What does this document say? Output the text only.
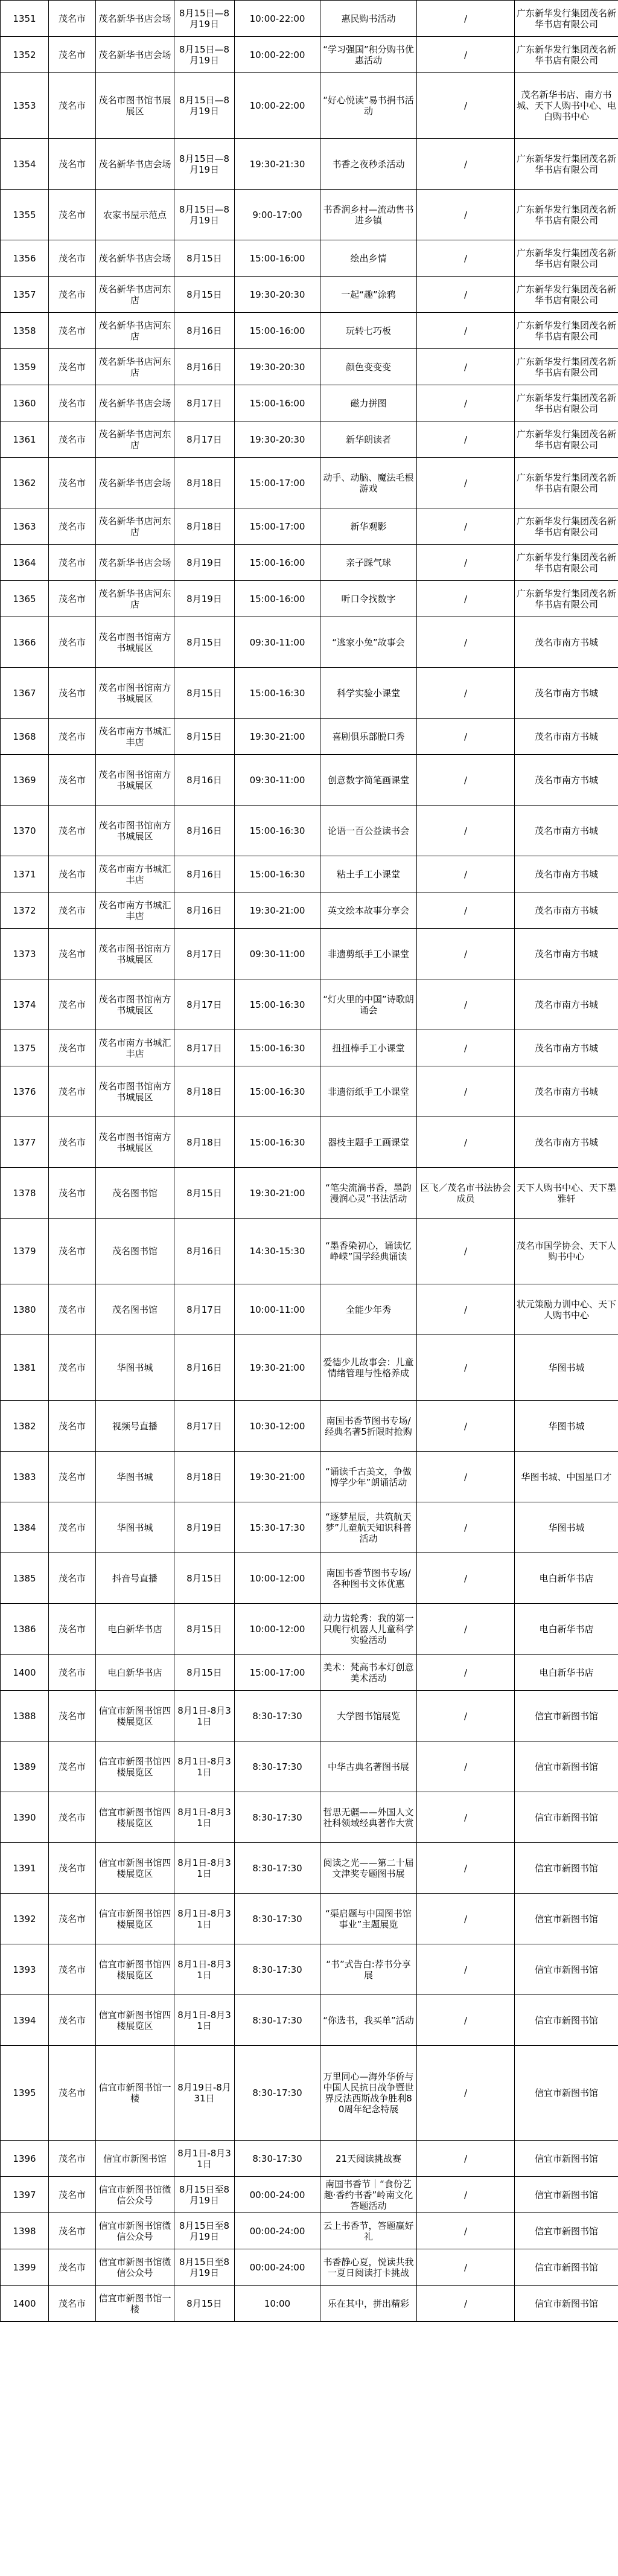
1351	茂名市	茂名新华书店会场	8月15日—8月19日	10:00-22:00	惠民购书活动	/	广东新华发行集团茂名新华书店有限公司
1352	茂名市	茂名新华书店会场	8月15日—8月19日	10:00-22:00	“学习强国”积分购书优惠活动	/	广东新华发行集团茂名新华书店有限公司
1353	茂名市	茂名市图书馆书展展区	8月15日—8月19日	10:00-22:00	“好心悦读”易书捐书活动	/	茂名新华书店、南方书城、天下人购书中心、电白购书中心
1354	茂名市	茂名新华书店会场	8月15日—8月19日	19:30-21:30	书香之夜秒杀活动	/	广东新华发行集团茂名新华书店有限公司
1355	茂名市	农家书屋示范点	8月15日—8月19日	9:00-17:00	书香润乡村—流动售书进乡镇	/	广东新华发行集团茂名新华书店有限公司
1356	茂名市	茂名新华书店会场	8月15日	15:00-16:00	绘出乡情	/	广东新华发行集团茂名新华书店有限公司
1357	茂名市	茂名新华书店河东店	8月15日	19:30-20:30	一起“趣”涂鸦	/	广东新华发行集团茂名新华书店有限公司
1358	茂名市	茂名新华书店河东店	8月16日	15:00-16:00	玩转七巧板	/	广东新华发行集团茂名新华书店有限公司
1359	茂名市	茂名新华书店河东店	8月16日	19:30-20:30	颜色变变变	/	广东新华发行集团茂名新华书店有限公司
1360	茂名市	茂名新华书店会场	8月17日	15:00-16:00	磁力拼图	/	广东新华发行集团茂名新华书店有限公司
1361	茂名市	茂名新华书店河东店	8月17日	19:30-20:30	新华朗读者	/	广东新华发行集团茂名新华书店有限公司
1362	茂名市	茂名新华书店会场	8月18日	15:00-17:00	动手、动脑、魔法毛根游戏	/	广东新华发行集团茂名新华书店有限公司
1363	茂名市	茂名新华书店河东店	8月18日	15:00-17:00	新华观影	/	广东新华发行集团茂名新华书店有限公司
1364	茂名市	茂名新华书店会场	8月19日	15:00-16:00	亲子踩气球	/	广东新华发行集团茂名新华书店有限公司
1365	茂名市	茂名新华书店河东店	8月19日	15:00-16:00	听口令找数字	/	广东新华发行集团茂名新华书店有限公司
1366	茂名市	茂名市图书馆南方书城展区	8月15日	09:30-11:00	“逃家小兔”故事会	/	茂名市南方书城
1367	茂名市	茂名市图书馆南方书城展区	8月15日	15:00-16:30	科学实验小课堂	/	茂名市南方书城
1368	茂名市	茂名市南方书城汇丰店	8月15日	19:30-21:00	喜剧俱乐部脱口秀	/	茂名市南方书城
1369	茂名市	茂名市图书馆南方书城展区	8月16日	09:30-11:00	创意数字简笔画课堂	/	茂名市南方书城
1370	茂名市	茂名市图书馆南方书城展区	8月16日	15:00-16:30	论语一百公益读书会	/	茂名市南方书城
1371	茂名市	茂名市南方书城汇丰店	8月16日	15:00-16:30	粘土手工小课堂	/	茂名市南方书城
1372	茂名市	茂名市南方书城汇丰店	8月16日	19:30-21:00	英文绘本故事分享会	/	茂名市南方书城
1373	茂名市	茂名市图书馆南方书城展区	8月17日	09:30-11:00	非遗剪纸手工小课堂	/	茂名市南方书城
1374	茂名市	茂名市图书馆南方书城展区	8月17日	15:00-16:30	“灯火里的中国”诗歌朗诵会	/	茂名市南方书城
1375	茂名市	茂名市南方书城汇丰店	8月17日	15:00-16:30	扭扭棒手工小课堂	/	茂名市南方书城
1376	茂名市	茂名市图书馆南方书城展区	8月18日	15:00-16:30	非遗衍纸手工小课堂	/	茂名市南方书城
1377	茂名市	茂名市图书馆南方书城展区	8月18日	15:00-16:30	器枝主题手工画课堂	/	茂名市南方书城
1378	茂名市	茂名图书馆	8月15日	19:30-21:00	“笔尖流淌书香，墨韵漫润心灵”书法活动	区飞／茂名市书法协会成员	天下人购书中心、天下墨雅轩
1379	茂名市	茂名图书馆	8月16日	14:30-15:30	“墨香染初心，诵读忆峥嵘”国学经典诵读	/	茂名市国学协会、天下人购书中心
1380	茂名市	茂名图书馆	8月17日	10:00-11:00	全能少年秀	/	状元策励力训中心、天下人购书中心
1381	茂名市	华图书城	8月16日	19:30-21:00	爱德少儿故事会：儿童情绪管理与性格养成	/	华图书城
1382	茂名市	视频号直播	8月17日	10:30-12:00	南国书香节图书专场/经典名著5折限时抢购	/	华图书城
1383	茂名市	华图书城	8月18日	19:30-21:00	“诵读千古美文，争做博学少年”朗诵活动	/	华图书城、中国星口才
1384	茂名市	华图书城	8月19日	15:30-17:30	“逐梦星辰，共筑航天梦”儿童航天知识科普活动	/	华图书城
1385	茂名市	抖音号直播	8月15日	10:00-12:00	南国书香节图书专场/各种图书文体优惠	/	电白新华书店
1386	茂名市	电白新华书店	8月15日	10:00-12:00	动力齿轮秀：我的第一只爬行机器人儿童科学实验活动	/	电白新华书店
1400	茂名市	电白新华书店	8月15日	15:00-17:00	美术：梵高书本灯创意美术活动	/	电白新华书店
1388	茂名市	信宜市新图书馆四楼展览区	8月1日-8月31日	8:30-17:30	大学图书馆展览	/	信宜市新图书馆
1389	茂名市	信宜市新图书馆四楼展览区	8月1日-8月31日	8:30-17:30	中华古典名著图书展	/	信宜市新图书馆
1390	茂名市	信宜市新图书馆四楼展览区	8月1日-8月31日	8:30-17:30	哲思无疆——外国人文社科领域经典著作大赏	/	信宜市新图书馆
1391	茂名市	信宜市新图书馆四楼展览区	8月1日-8月31日	8:30-17:30	阅读之光——第二十届文津奖专题图书展	/	信宜市新图书馆
1392	茂名市	信宜市新图书馆四楼展览区	8月1日-8月31日	8:30-17:30	“渠启题与中国图书馆事业”主题展览	/	信宜市新图书馆
1393	茂名市	信宜市新图书馆四楼展览区	8月1日-8月31日	8:30-17:30	“书”式告白:荐书分享展	/	信宜市新图书馆
1394	茂名市	信宜市新图书馆四楼展览区	8月1日-8月31日	8:30-17:30	“你选书，我买单”活动	/	信宜市新图书馆
1395	茂名市	信宜市新图书馆一楼	8月19日-8月31日	8:30-17:30	万里同心—海外华侨与中国人民抗日战争暨世界反法西斯战争胜利80周年纪念特展	/	信宜市新图书馆
1396	茂名市	信宜市新图书馆	8月1日-8月31日	8:30-17:30	21天阅读挑战赛	/	信宜市新图书馆
1397	茂名市	信宜市新图书馆微信公众号	8月15日至8月19日	00:00-24:00	南国书香节｜“食份艺趣·香约书香”岭南文化答题活动	/	信宜市新图书馆
1398	茂名市	信宜市新图书馆微信公众号	8月15日至8月19日	00:00-24:00	云上书香节，答题赢好礼	/	信宜市新图书馆
1399	茂名市	信宜市新图书馆微信公众号	8月15日至8月19日	00:00-24:00	书香静心夏，悦读共我一夏日阅读打卡挑战	/	信宜市新图书馆
1400	茂名市	信宜市新图书馆一楼	8月15日	10:00	乐在其中，拼出精彩	/	信宜市新图书馆
